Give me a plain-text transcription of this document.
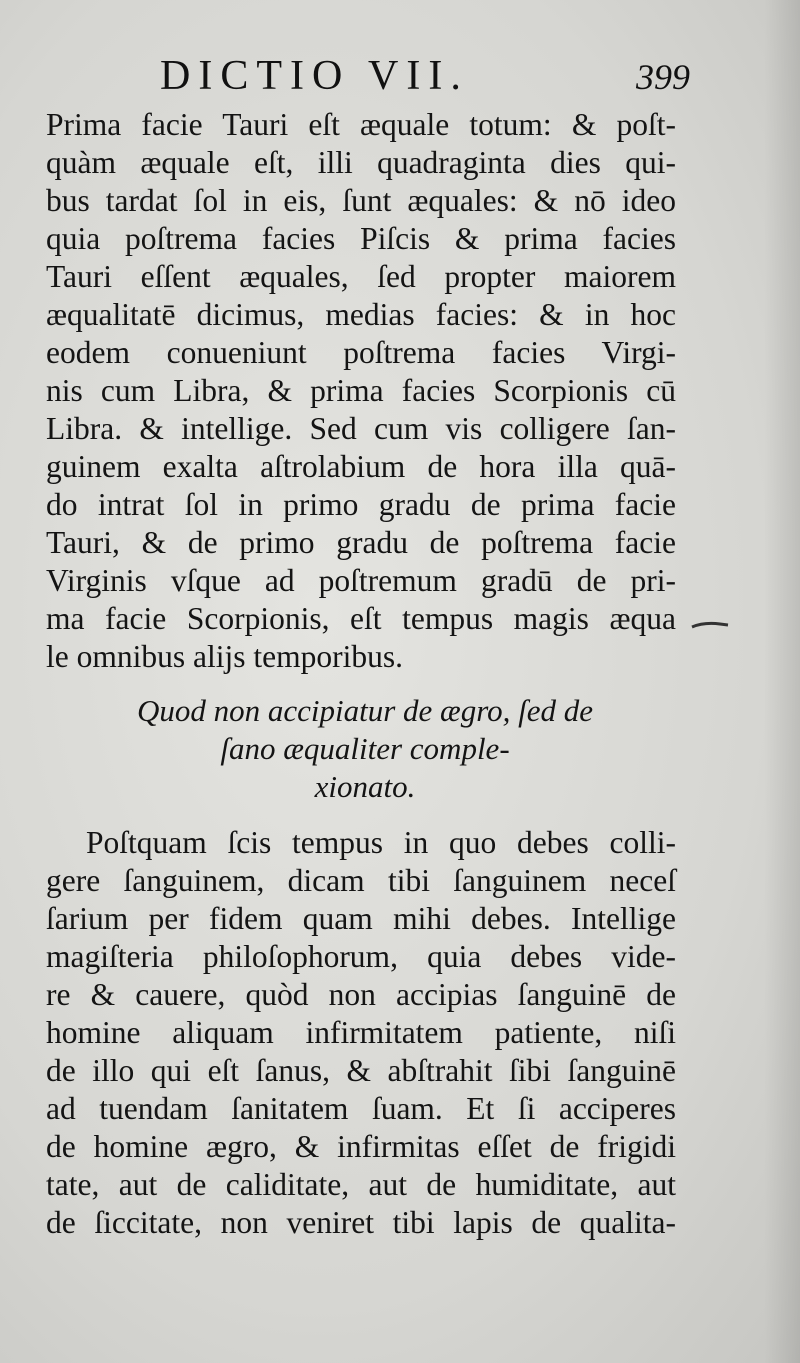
DICTIO VII.	399
Prima facie Tauri eſt æquale totum: & poſt-
quàm æquale eſt, illi quadraginta dies qui-
bus tardat ſol in eis, ſunt æquales: & nō ideo
quia poſtrema facies Piſcis & prima facies
Tauri eſſent æquales, ſed propter maiorem
æqualitatē dicimus, medias facies: & in hoc
eodem conueniunt poſtrema facies Virgi-
nis cum Libra, & prima facies Scorpionis cū
Libra. & intellige. Sed cum vis colligere ſan-
guinem exalta aſtrolabium de hora illa quā-
do intrat ſol in primo gradu de prima facie
Tauri, & de primo gradu de poſtrema facie
Virginis vſque ad poſtremum gradū de pri-
ma facie Scorpionis, eſt tempus magis æqua
le omnibus alijs temporibus.
Quod non accipiatur de ægro, ſed de
ſano æqualiter comple-
xionato.
Poſtquam ſcis tempus in quo debes colli-
gere ſanguinem, dicam tibi ſanguinem neceſ
ſarium per fidem quam mihi debes. Intellige
magiſteria philoſophorum, quia debes vide-
re & cauere, quòd non accipias ſanguinē de
homine aliquam infirmitatem patiente, niſi
de illo qui eſt ſanus, & abſtrahit ſibi ſanguinē
ad tuendam ſanitatem ſuam. Et ſi acciperes
de homine ægro, & infirmitas eſſet de frigidi
tate, aut de caliditate, aut de humiditate, aut
de ſiccitate, non veniret tibi lapis de qualita-
